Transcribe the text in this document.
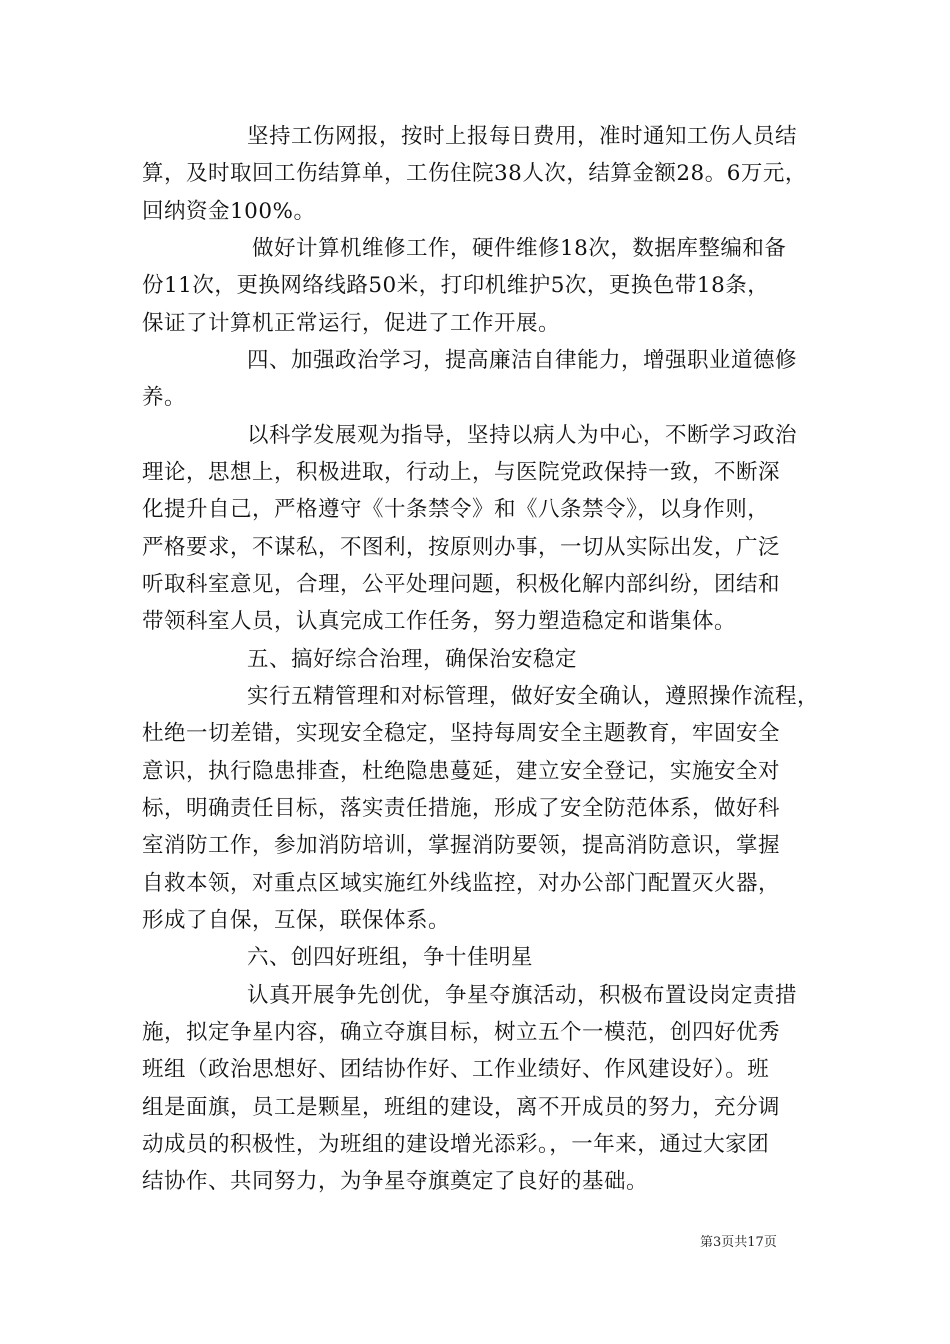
坚持工伤网报，按时上报每日费用，准时通知工伤人员结
算，及时取回工伤结算单，工伤住院38人次，结算金额28。6万元，
回纳资金100%。
做好计算机维修工作，硬件维修18次，数据库整编和备
份11次，更换网络线路50米，打印机维护5次，更换色带18条，
保证了计算机正常运行，促进了工作开展。
四、加强政治学习，提高廉洁自律能力，增强职业道德修
养。
以科学发展观为指导，坚持以病人为中心，不断学习政治
理论，思想上，积极进取，行动上，与医院党政保持一致，不断深
化提升自己，严格遵守《十条禁令》和《八条禁令》，以身作则，
严格要求，不谋私，不图利，按原则办事，一切从实际出发，广泛
听取科室意见，合理，公平处理问题，积极化解内部纠纷，团结和
带领科室人员，认真完成工作任务，努力塑造稳定和谐集体。
五、搞好综合治理，确保治安稳定
实行五精管理和对标管理，做好安全确认，遵照操作流程，
杜绝一切差错，实现安全稳定，坚持每周安全主题教育，牢固安全
意识，执行隐患排查，杜绝隐患蔓延，建立安全登记，实施安全对
标，明确责任目标，落实责任措施，形成了安全防范体系，做好科
室消防工作，参加消防培训，掌握消防要领，提高消防意识，掌握
自救本领，对重点区域实施红外线监控，对办公部门配置灭火器，
形成了自保，互保，联保体系。
六、创四好班组，争十佳明星
认真开展争先创优，争星夺旗活动，积极布置设岗定责措
施，拟定争星内容，确立夺旗目标，树立五个一模范，创四好优秀
班组（政治思想好、团结协作好、工作业绩好、作风建设好）。班
组是面旗，员工是颗星，班组的建设，离不开成员的努力，充分调
动成员的积极性，为班组的建设增光添彩。，一年来，通过大家团
结协作、共同努力，为争星夺旗奠定了良好的基础。
第3页共17页
